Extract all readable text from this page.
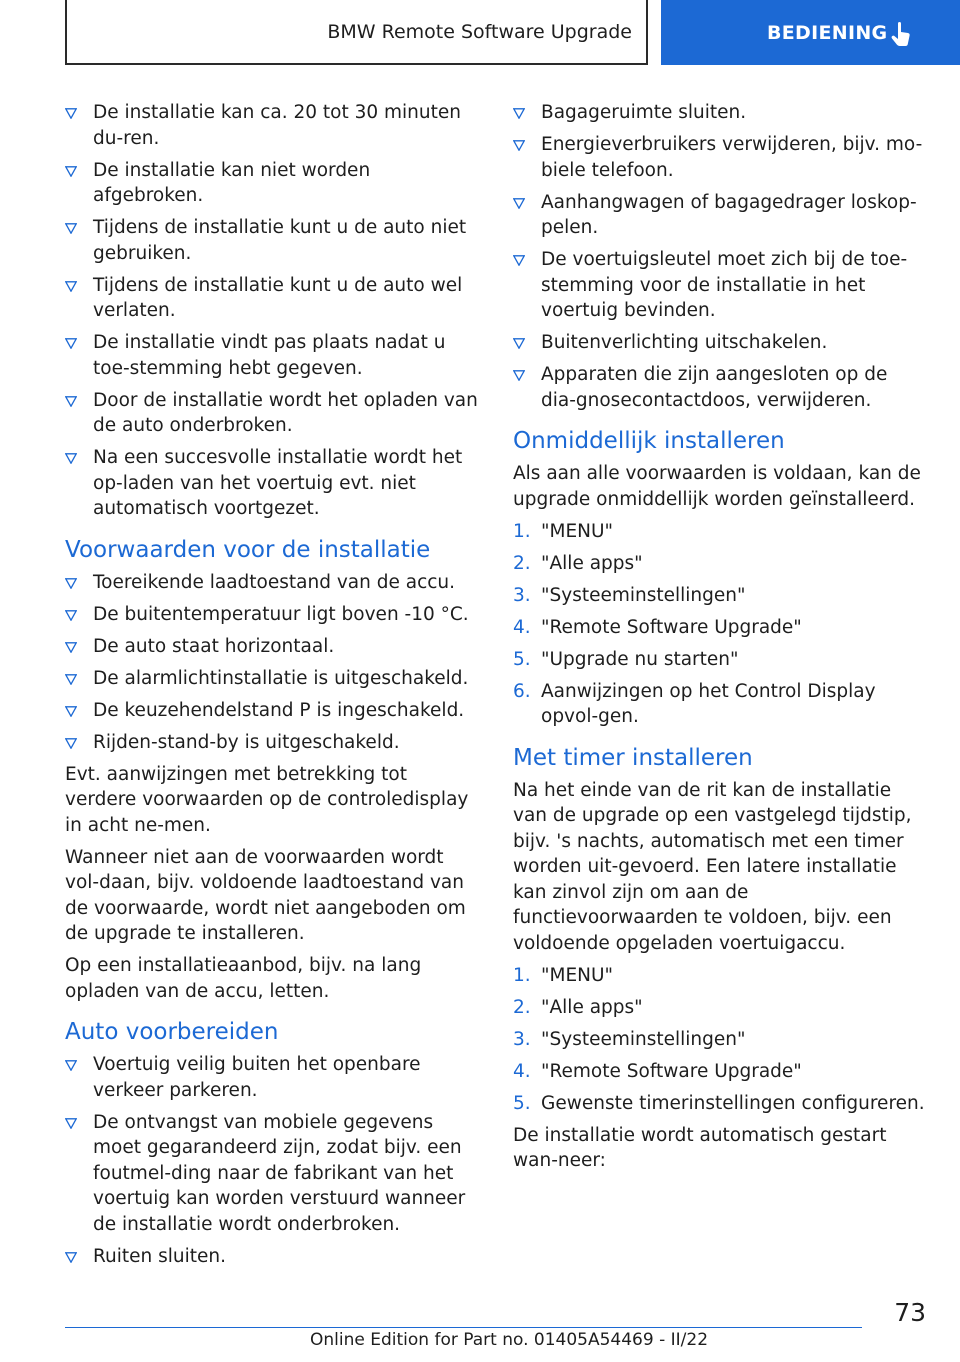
BMW Remote Software Upgrade	BEDIENING
De installatie kan ca. 20 tot 30 minuten du-ren.
De installatie kan niet worden afgebroken.
Tijdens de installatie kunt u de auto niet gebruiken.
Tijdens de installatie kunt u de auto wel verlaten.
De installatie vindt pas plaats nadat u toe-stemming hebt gegeven.
Door de installatie wordt het opladen van de auto onderbroken.
Na een succesvolle installatie wordt het op-laden van het voertuig evt. niet automatisch voortgezet.
Voorwaarden voor de installatie
Toereikende laadtoestand van de accu.
De buitentemperatuur ligt boven -10 °C.
De auto staat horizontaal.
De alarmlichtinstallatie is uitgeschakeld.
De keuzehendelstand P is ingeschakeld.
Rijden-stand-by is uitgeschakeld.

Evt. aanwijzingen met betrekking tot verdere voorwaarden op de controledisplay in acht ne-men.

Wanneer niet aan de voorwaarden wordt vol-daan, bijv. voldoende laadtoestand van de voorwaarde, wordt niet aangeboden om de upgrade te installeren.

Op een installatieaanbod, bijv. na lang opladen van de accu, letten.

Auto voorbereiden
Voertuig veilig buiten het openbare verkeer parkeren.
De ontvangst van mobiele gegevens moet gegarandeerd zijn, zodat bijv. een foutmel-ding naar de fabrikant van het voertuig kan worden verstuurd wanneer de installatie wordt onderbroken.
Ruiten sluiten.
Bagageruimte sluiten.
Energieverbruikers verwijderen, bijv. mo-biele telefoon.
Aanhangwagen of bagagedrager loskop-pelen.
De voertuigsleutel moet zich bij de toe-stemming voor de installatie in het voertuig bevinden.
Buitenverlichting uitschakelen.
Apparaten die zijn aangesloten op de dia-gnosecontactdoos, verwijderen.
Onmiddellijk installeren

Als aan alle voorwaarden is voldaan, kan de upgrade onmiddellijk worden geïnstalleerd.

1. "MENU"
2. "Alle apps"
3. "Systeeminstellingen"
4. "Remote Software Upgrade"
5. "Upgrade nu starten"
6. Aanwijzingen op het Control Display opvol-gen.
Met timer installeren

Na het einde van de rit kan de installatie van de upgrade op een vastgelegd tijdstip, bijv. 's nachts, automatisch met een timer worden uit-gevoerd. Een latere installatie kan zinvol zijn om aan de functievoorwaarden te voldoen, bijv. een voldoende opgeladen voertuigaccu.

1. "MENU"
2. "Alle apps"
3. "Systeeminstellingen"
4. "Remote Software Upgrade"
5. Gewenste timerinstellingen configureren.

De installatie wordt automatisch gestart wan-neer:

73
Online Edition for Part no. 01405A54469 - II/22
